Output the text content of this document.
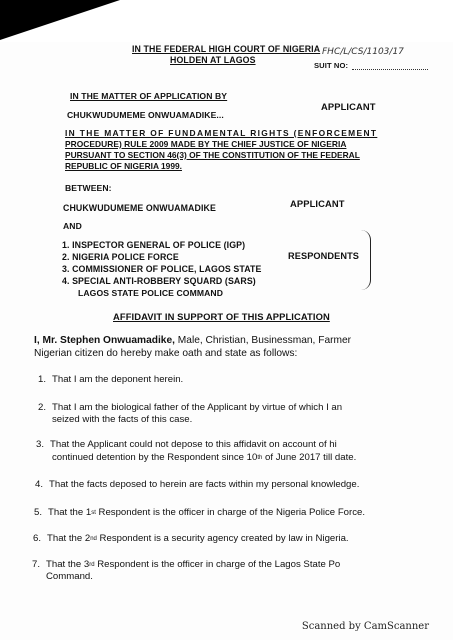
IN THE FEDERAL HIGH COURT OF NIGERIA
HOLDEN AT LAGOS
FHC/L/CS/1103/17
SUIT NO:
IN THE MATTER OF APPLICATION BY
CHUKWUDUMEME ONWUAMADIKE...
APPLICANT
IN THE MATTER OF FUNDAMENTAL RIGHTS (ENFORCEMENT
PROCEDURE) RULE 2009 MADE BY THE CHIEF JUSTICE OF NIGERIA
PURSUANT TO SECTION 46(3) OF THE CONSTITUTION OF THE FEDERAL
REPUBLIC OF NIGERIA 1999.
BETWEEN:
CHUKWUDUMEME ONWUAMADIKE	APPLICANT
AND
1. INSPECTOR GENERAL OF POLICE (IGP)
2. NIGERIA POLICE FORCE
3. COMMISSIONER OF POLICE, LAGOS STATE
4. SPECIAL ANTI-ROBBERY SQUARD (SARS)
LAGOS STATE POLICE COMMAND
RESPONDENTS
AFFIDAVIT IN SUPPORT OF THIS APPLICATION
I, Mr. Stephen Onwuamadike, Male, Christian, Businessman, Farmer
Nigerian citizen do hereby make oath and state as follows:
1. That I am the deponent herein.
2. That I am the biological father of the Applicant by virtue of which I an
seized with the facts of this case.
3. That the Applicant could not depose to this affidavit on account of hi
continued detention by the Respondent since 10th of June 2017 till date.
4. That the facts deposed to herein are facts within my personal knowledge.
5. That the 1st Respondent is the officer in charge of the Nigeria Police Force.
6. That the 2nd Respondent is a security agency created by law in Nigeria.
7. That the 3rd Respondent is the officer in charge of the Lagos State Po
Command.
Scanned by CamScanner
